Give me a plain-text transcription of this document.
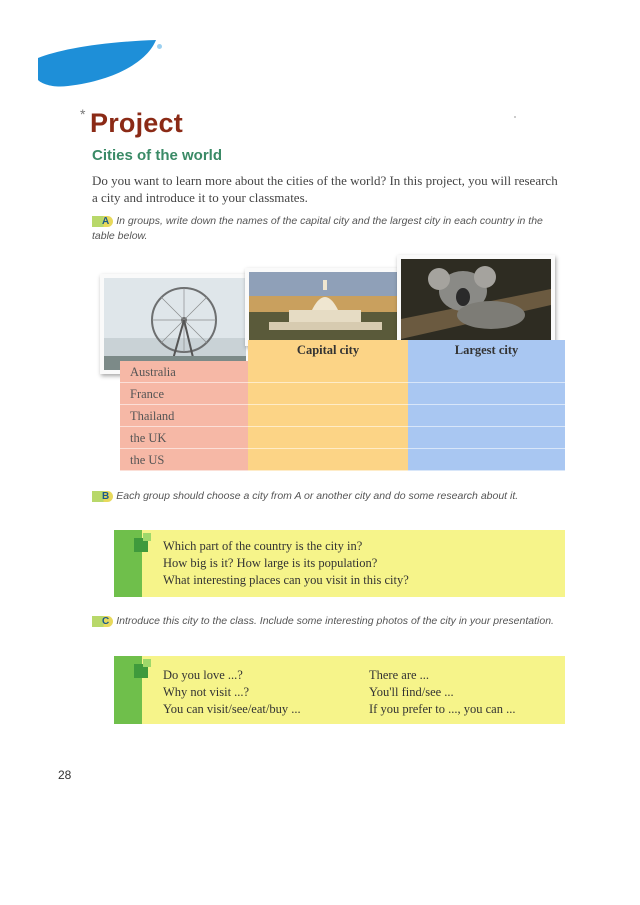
* Project
Cities of the world

Do you want to learn more about the cities of the world? In this project, you will research a city and introduce it to your classmates.

A In groups, write down the names of the capital city and the largest city in each country in the table below.
Australia
France
Thailand
the UK
the US
Capital city	Largest city
B Each group should choose a city from A or another city and do some research about it.
Which part of the country is the city in?
How big is it? How large is its population?
What interesting places can you visit in this city?
C Introduce this city to the class. Include some interesting photos of the city in your presentation.
Do you love ...?
Why not visit ...?
You can visit/see/eat/buy ...
There are ...
You'll find/see ...
If you prefer to ..., you can ...
28
